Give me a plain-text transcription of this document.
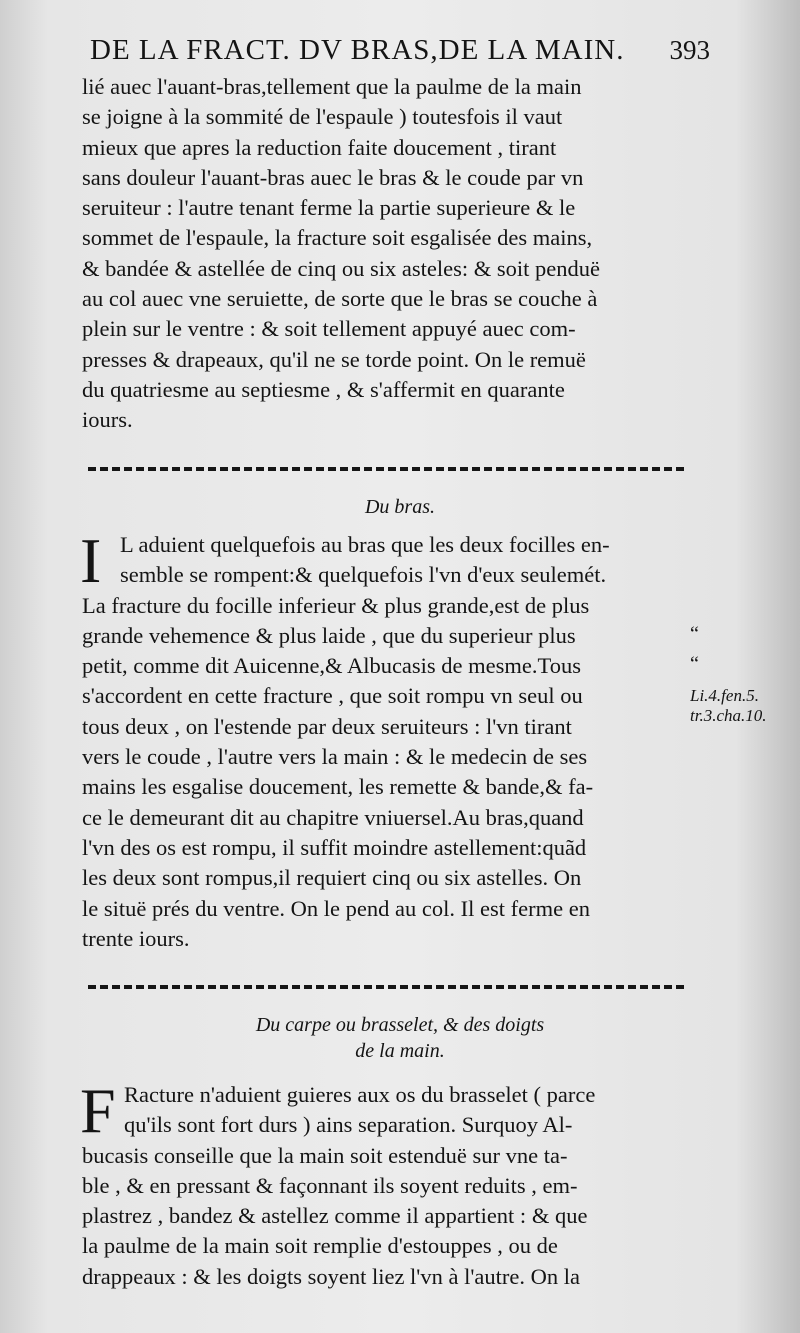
DE LA FRACT. DV BRAS,DE LA MAIN. 393
lié auec l'auant-bras,tellement que la paulme de la main
se joigne à la sommité de l'espaule ) toutesfois il vaut
mieux que apres la reduction faite doucement , tirant
sans douleur l'auant-bras auec le bras & le coude par vn
seruiteur : l'autre tenant ferme la partie superieure & le
sommet de l'espaule, la fracture soit esgalisée des mains,
& bandée & astellée de cinq ou six asteles: & soit penduë
au col auec vne seruiette, de sorte que le bras se couche à
plein sur le ventre : & soit tellement appuyé auec com-
presses & drapeaux, qu'il ne se torde point. On le remuë
du quatriesme au septiesme , & s'affermit en quarante
iours.
Du bras.
I L aduient quelquefois au bras que les deux focilles en-
semble se rompent:& quelquefois l'vn d'eux seulemét.
La fracture du focille inferieur & plus grande,est de plus
grande vehemence & plus laide , que du superieur plus
petit, comme dit Auicenne,& Albucasis de mesme.Tous
s'accordent en cette fracture , que soit rompu vn seul ou
tous deux , on l'estende par deux seruiteurs : l'vn tirant
vers le coude , l'autre vers la main : & le medecin de ses
mains les esgalise doucement, les remette & bande,& fa-
ce le demeurant dit au chapitre vniuersel.Au bras,quand
l'vn des os est rompu, il suffit moindre astellement:quãd
les deux sont rompus,il requiert cinq ou six astelles. On
le situë prés du ventre. On le pend au col. Il est ferme en
trente iours.
“
“
Li.4.fen.5.
tr.3.cha.10.
Du carpe ou brasselet, & des doigts
de la main.
F Racture n'aduient guieres aux os du brasselet ( parce
qu'ils sont fort durs ) ains separation. Surquoy Al-
bucasis conseille que la main soit estenduë sur vne ta-
ble , & en pressant & façonnant ils soyent reduits , em-
plastrez , bandez & astellez comme il appartient : & que
la paulme de la main soit remplie d'estouppes , ou de
drappeaux : & les doigts soyent liez l'vn à l'autre. On la
